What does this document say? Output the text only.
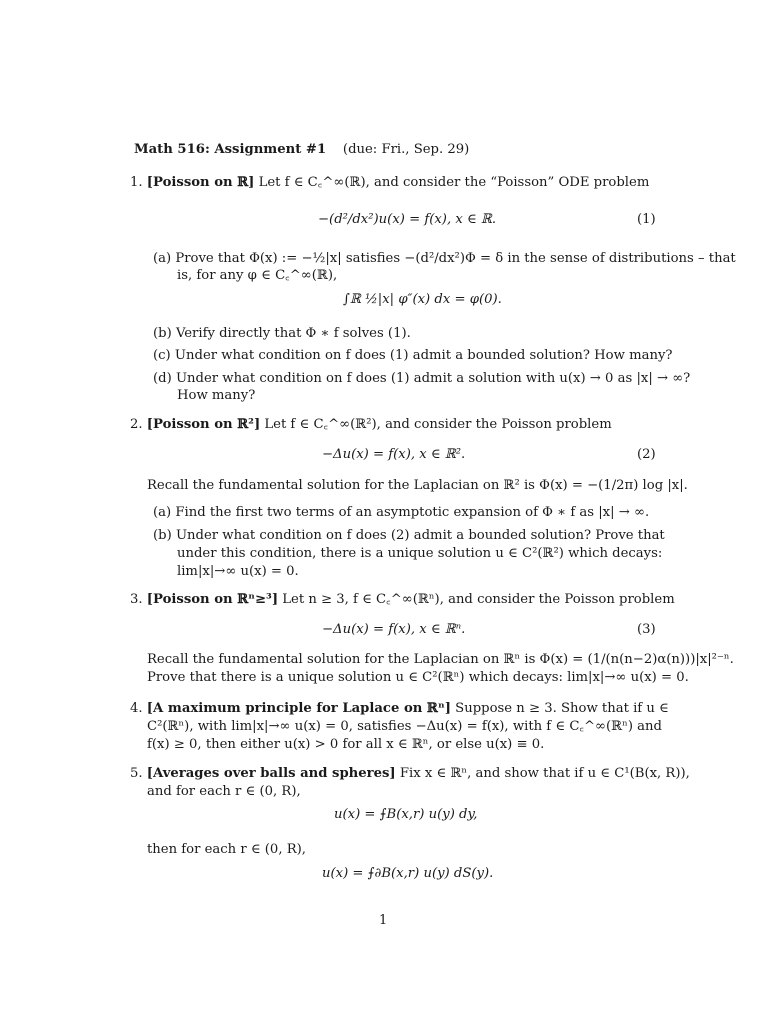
Math 516: Assignment #1 (due: Fri., Sep. 29)
1. [Poisson on ℝ] Let f ∈ C꜀^∞(ℝ), and consider the “Poisson” ODE problem
−(d²/dx²)u(x) = f(x), x ∈ ℝ.	(1)
(a) Prove that Φ(x) := −½|x| satisfies −(d²/dx²)Φ = δ in the sense of distributions – that
is, for any φ ∈ C꜀^∞(ℝ),
∫ℝ ½|x| φ″(x) dx = φ(0).
(b) Verify directly that Φ ∗ f solves (1).
(c) Under what condition on f does (1) admit a bounded solution? How many?
(d) Under what condition on f does (1) admit a solution with u(x) → 0 as |x| → ∞?
How many?
2. [Poisson on ℝ²] Let f ∈ C꜀^∞(ℝ²), and consider the Poisson problem
−Δu(x) = f(x), x ∈ ℝ².	(2)
Recall the fundamental solution for the Laplacian on ℝ² is Φ(x) = −(1/2π) log |x|.
(a) Find the first two terms of an asymptotic expansion of Φ ∗ f as |x| → ∞.
(b) Under what condition on f does (2) admit a bounded solution? Prove that
under this condition, there is a unique solution u ∈ C²(ℝ²) which decays:
lim|x|→∞ u(x) = 0.
3. [Poisson on ℝⁿ≥³] Let n ≥ 3, f ∈ C꜀^∞(ℝⁿ), and consider the Poisson problem
−Δu(x) = f(x), x ∈ ℝⁿ.	(3)
Recall the fundamental solution for the Laplacian on ℝⁿ is Φ(x) = (1/(n(n−2)α(n)))|x|²⁻ⁿ.
Prove that there is a unique solution u ∈ C²(ℝⁿ) which decays: lim|x|→∞ u(x) = 0.
4. [A maximum principle for Laplace on ℝⁿ] Suppose n ≥ 3. Show that if u ∈
C²(ℝⁿ), with lim|x|→∞ u(x) = 0, satisfies −Δu(x) = f(x), with f ∈ C꜀^∞(ℝⁿ) and
f(x) ≥ 0, then either u(x) > 0 for all x ∈ ℝⁿ, or else u(x) ≡ 0.
5. [Averages over balls and spheres] Fix x ∈ ℝⁿ, and show that if u ∈ C¹(B(x, R)),
and for each r ∈ (0, R),
u(x) = ⨍B(x,r) u(y) dy,
then for each r ∈ (0, R),
u(x) = ⨍∂B(x,r) u(y) dS(y).
1
